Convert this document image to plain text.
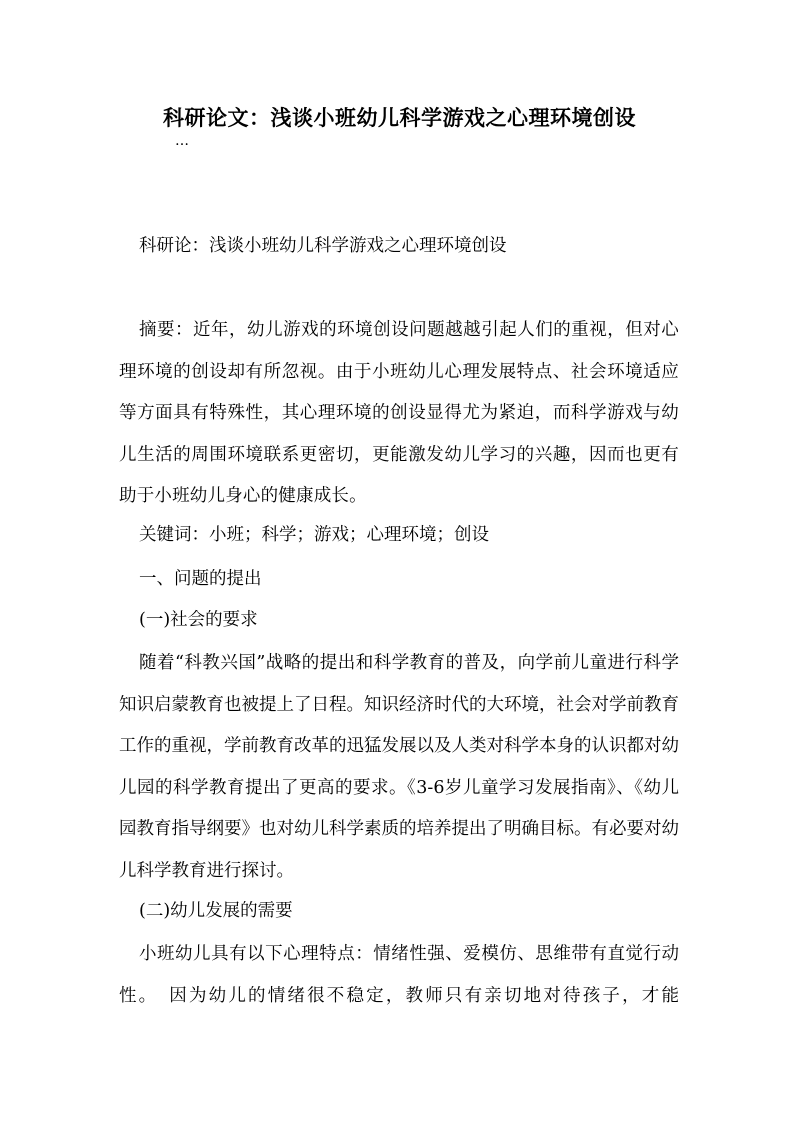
科研论文：浅谈小班幼儿科学游戏之心理环境创设
…

科研论：浅谈小班幼儿科学游戏之心理环境创设

摘要：近年，幼儿游戏的环境创设问题越越引起人们的重视，但对心理环境的创设却有所忽视。由于小班幼儿心理发展特点、社会环境适应等方面具有特殊性，其心理环境的创设显得尤为紧迫，而科学游戏与幼儿生活的周围环境联系更密切，更能激发幼儿学习的兴趣，因而也更有助于小班幼儿身心的健康成长。

关键词：小班；科学；游戏；心理环境；创设

一、问题的提出

(一)社会的要求

随着“科教兴国”战略的提出和科学教育的普及，向学前儿童进行科学知识启蒙教育也被提上了日程。知识经济时代的大环境，社会对学前教育工作的重视，学前教育改革的迅猛发展以及人类对科学本身的认识都对幼儿园的科学教育提出了更高的要求。《3-6岁儿童学习发展指南》、《幼儿园教育指导纲要》也对幼儿科学素质的培养提出了明确目标。有必要对幼儿科学教育进行探讨。

(二)幼儿发展的需要

小班幼儿具有以下心理特点：情绪性强、爱模仿、思维带有直觉行动性。　因为幼儿的情绪很不稳定，教师只有亲切地对待孩子，才能
